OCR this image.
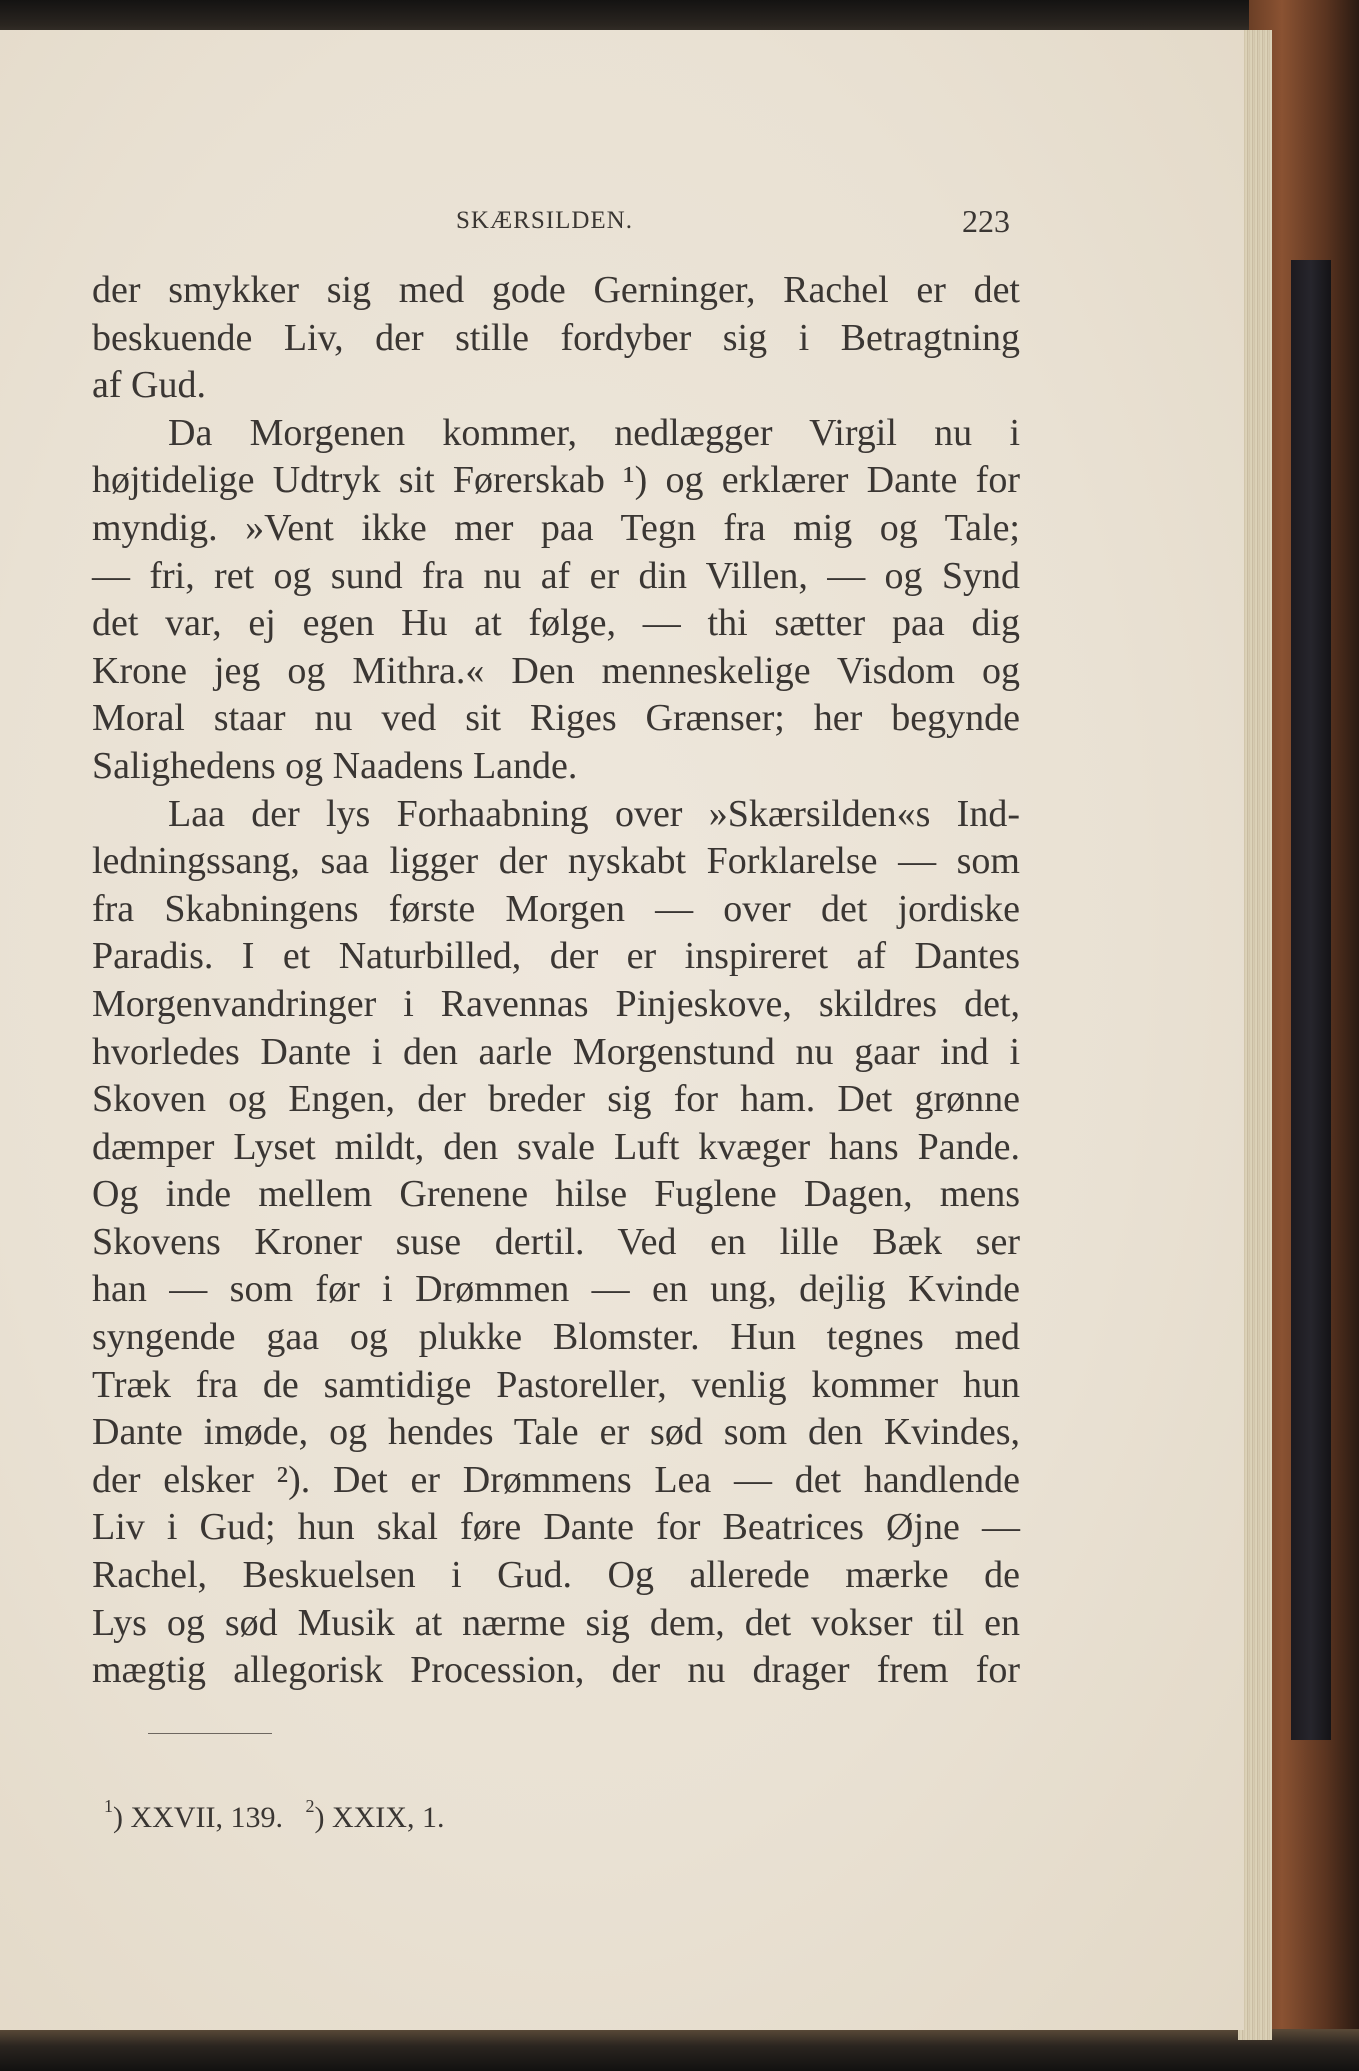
SKÆRSILDEN.	223

der smykker sig med gode Gerninger, Rachel er det

beskuende Liv, der stille fordyber sig i Betragtning

af Gud.

Da Morgenen kommer, nedlægger Virgil nu i

højtidelige Udtryk sit Førerskab ¹) og erklærer Dante for

myndig. »Vent ikke mer paa Tegn fra mig og Tale;

— fri, ret og sund fra nu af er din Villen, — og Synd

det var, ej egen Hu at følge, — thi sætter paa dig

Krone jeg og Mithra.« Den menneskelige Visdom og

Moral staar nu ved sit Riges Grænser; her begynde

Salighedens og Naadens Lande.

Laa der lys Forhaabning over »Skærsilden«s Ind-

ledningssang, saa ligger der nyskabt Forklarelse — som

fra Skabningens første Morgen — over det jordiske

Paradis. I et Naturbilled, der er inspireret af Dantes

Morgenvandringer i Ravennas Pinjeskove, skildres det,

hvorledes Dante i den aarle Morgenstund nu gaar ind i

Skoven og Engen, der breder sig for ham. Det grønne

dæmper Lyset mildt, den svale Luft kvæger hans Pande.

Og inde mellem Grenene hilse Fuglene Dagen, mens

Skovens Kroner suse dertil. Ved en lille Bæk ser

han — som før i Drømmen — en ung, dejlig Kvinde

syngende gaa og plukke Blomster. Hun tegnes med

Træk fra de samtidige Pastoreller, venlig kommer hun

Dante imøde, og hendes Tale er sød som den Kvindes,

der elsker ²). Det er Drømmens Lea — det handlende

Liv i Gud; hun skal føre Dante for Beatrices Øjne —

Rachel, Beskuelsen i Gud. Og allerede mærke de

Lys og sød Musik at nærme sig dem, det vokser til en

mægtig allegorisk Procession, der nu drager frem for

$^1$) XXVII, 139. $^2$) XXIX, 1.
